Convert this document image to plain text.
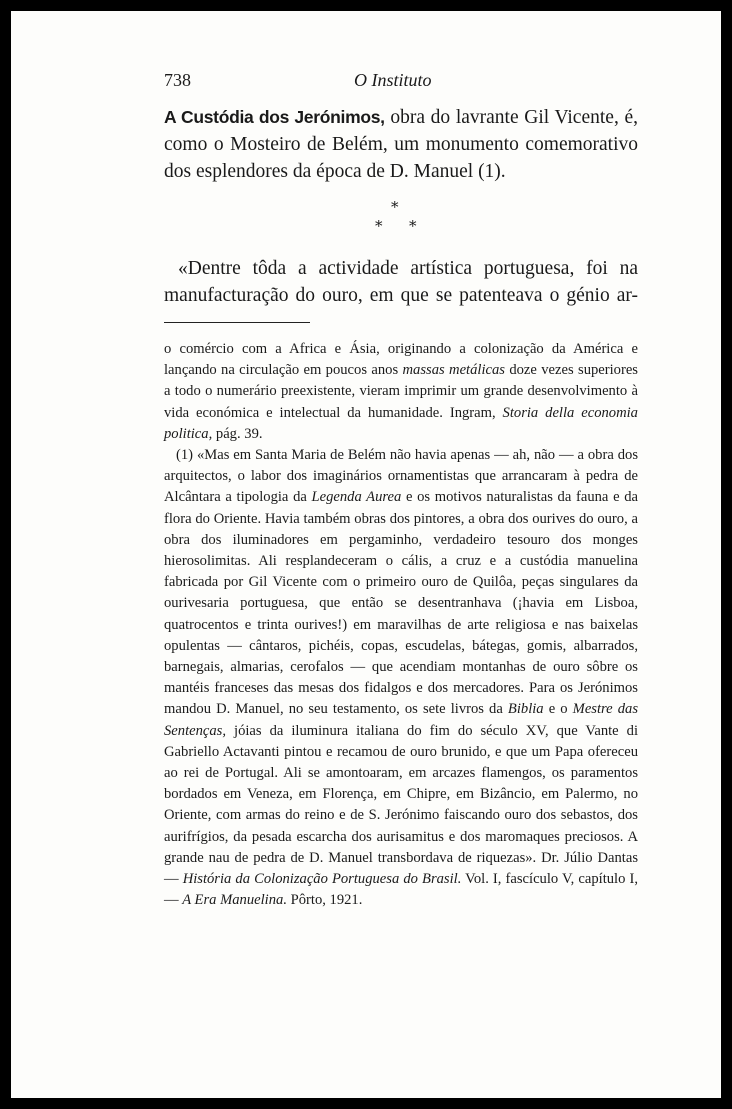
738	O Instituto
A Custódia dos Jerónimos, obra do lavrante Gil Vicente, é, como o Mosteiro de Belém, um monumento comemorativo dos esplendores da época de D. Manuel (1).
*
* *
«Dentre tôda a actividade artística portuguesa, foi na manufacturação do ouro, em que se patenteava o génio ar-

o comércio com a Africa e Ásia, originando a colonização da América e lançando na circulação em poucos anos massas metálicas doze vezes superiores a todo o numerário preexistente, vieram imprimir um grande desenvolvimento à vida económica e intelectual da humanidade. Ingram, Storia della economia politica, pág. 39.

(1) «Mas em Santa Maria de Belém não havia apenas — ah, não — a obra dos arquitectos, o labor dos imaginários ornamentistas que arrancaram à pedra de Alcântara a tipologia da Legenda Aurea e os motivos naturalistas da fauna e da flora do Oriente. Havia também obras dos pintores, a obra dos ourives do ouro, a obra dos iluminadores em pergaminho, verdadeiro tesouro dos monges hierosolimitas. Ali resplandeceram o cális, a cruz e a custódia manuelina fabricada por Gil Vicente com o primeiro ouro de Quilôa, peças singulares da ourivesaria portuguesa, que então se desentranhava (¡havia em Lisboa, quatrocentos e trinta ourives!) em maravilhas de arte religiosa e nas baixelas opulentas — cântaros, pichéis, copas, escudelas, bátegas, gomis, albarrados, barnegais, almarias, cerofalos — que acendiam montanhas de ouro sôbre os mantéis franceses das mesas dos fidalgos e dos mercadores. Para os Jerónimos mandou D. Manuel, no seu testamento, os sete livros da Biblia e o Mestre das Sentenças, jóias da iluminura italiana do fim do século XV, que Vante di Gabriello Actavanti pintou e recamou de ouro brunido, e que um Papa ofereceu ao rei de Portugal. Ali se amontoaram, em arcazes flamengos, os paramentos bordados em Veneza, em Florença, em Chipre, em Bizâncio, em Palermo, no Oriente, com armas do reino e de S. Jerónimo faiscando ouro dos sebastos, dos aurifrígios, da pesada escarcha dos aurisamitus e dos maromaques preciosos. A grande nau de pedra de D. Manuel transbordava de riquezas». Dr. Júlio Dantas — História da Colonização Portuguesa do Brasil. Vol. I, fascículo V, capítulo I, — A Era Manuelina. Pôrto, 1921.
